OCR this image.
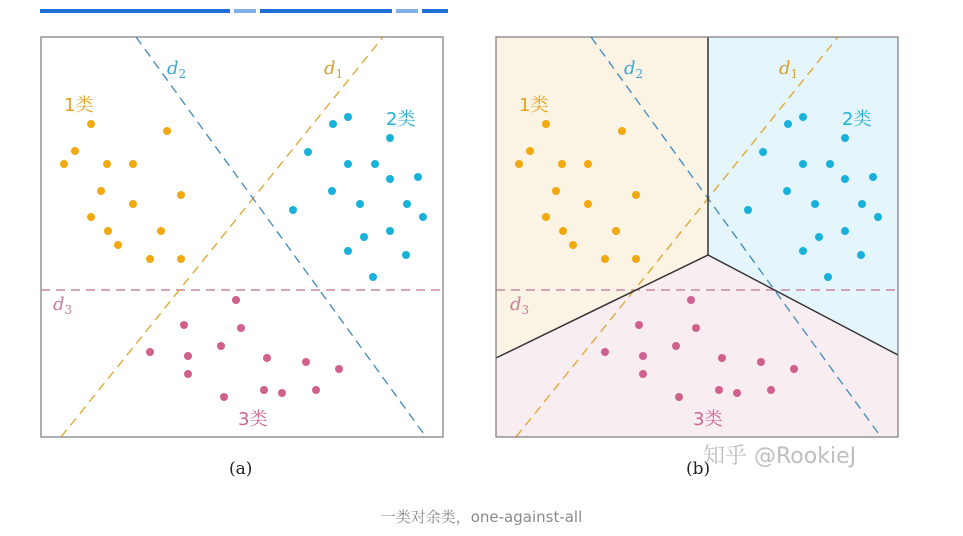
$d_2$	$d_1$
$d_3$
1类
2类
3类
(a)
$d_2$	$d_1$
$d_3$
1类
2类
3类
(b)
知乎 @RookieJ
一类对余类，one-against-all
